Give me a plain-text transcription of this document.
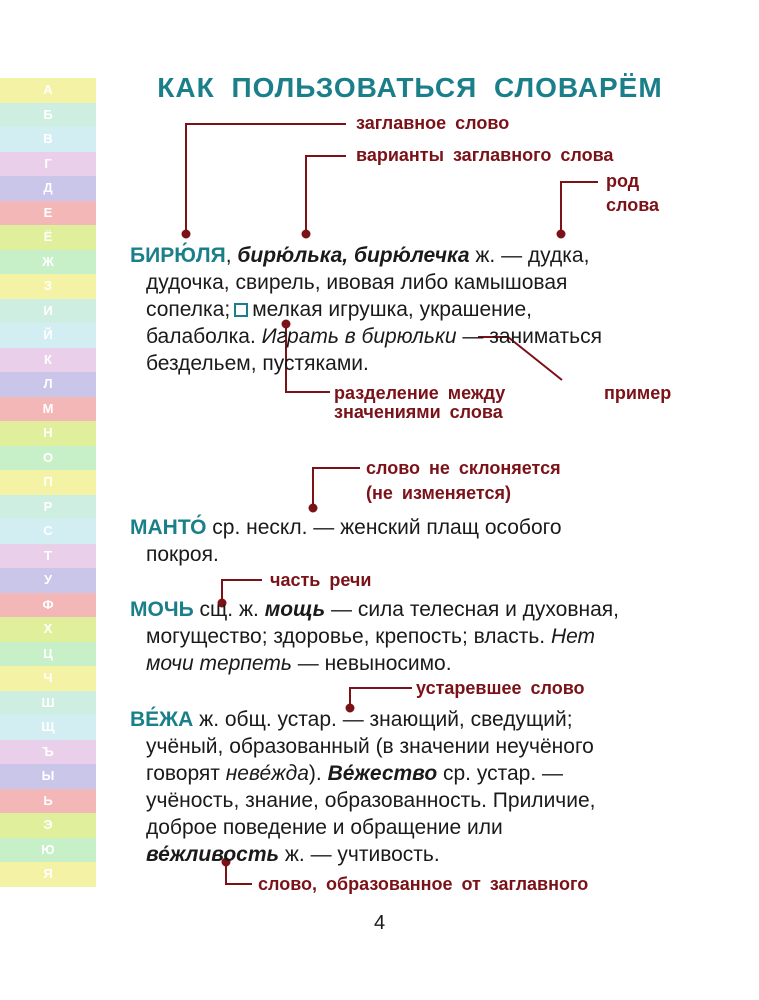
А
Б
В
Г
Д
Е
Ё
Ж
З
И
Й
К
Л
М
Н
О
П
Р
С
Т
У
Ф
Х
Ц
Ч
Ш
Щ
Ъ
Ы
Ь
Э
Ю
Я
КАК ПОЛЬЗОВАТЬСЯ СЛОВАРЁМ
заглавное слово
варианты заглавного слова
род
слова
разделение между
значениями слова
пример
слово не склоняется
(не изменяется)
часть речи
устаревшее слово
слово, образованное от заглавного

БИРЮ́ЛЯ, бирю́лька, бирю́лечка ж. — дудка,
дудочка, свирель, ивовая либо камышовая
сопелка; мелкая игрушка, украшение,
балаболка. Играть в бирюльки — заниматься
бездельем, пустяками.

МАНТО́ ср. нескл. — женский плащ особого
покроя.

МОЧЬ сщ. ж. мощь — сила телесная и духовная,
могущество; здоровье, крепость; власть. Нет
мочи терпеть — невыносимо.

ВЕ́ЖА ж. общ. устар. — знающий, сведущий;
учёный, образованный (в значении неучёного
говорят неве́жда). Ве́жество ср. устар. —
учёность, знание, образованность. Приличие,
доброе поведение и обращение или
ве́жливость ж. — учтивость.

4
